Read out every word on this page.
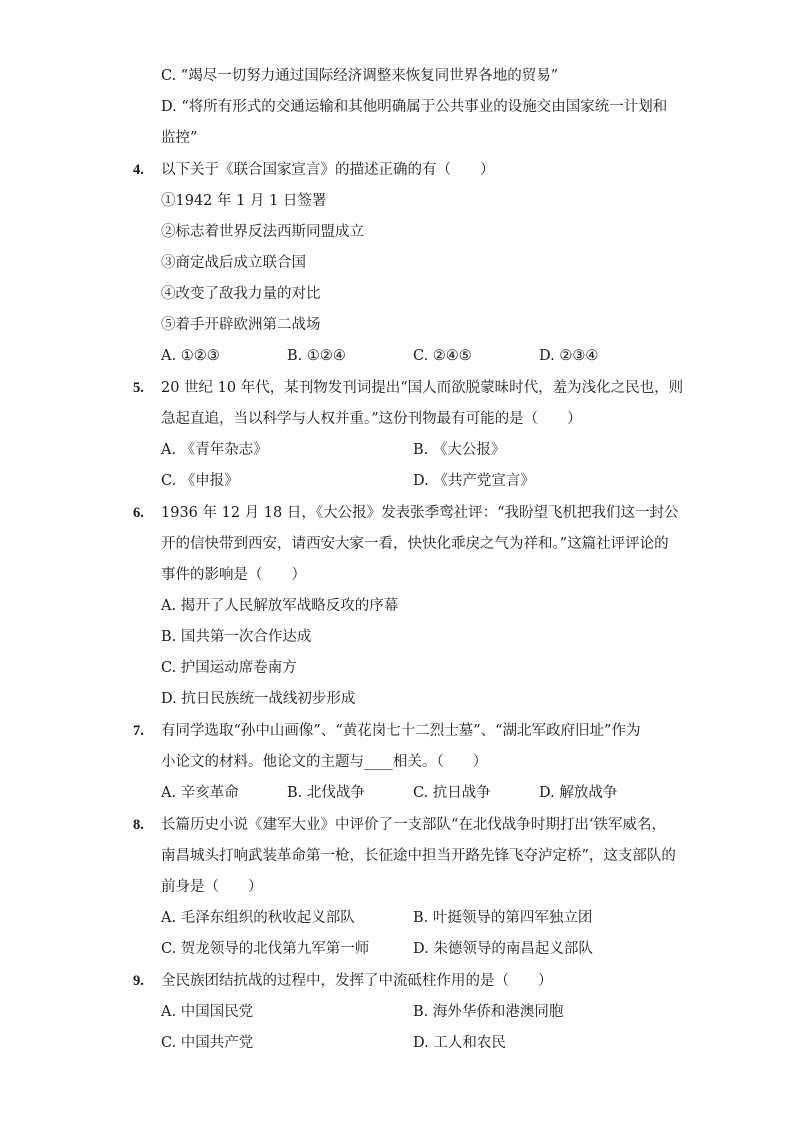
C. “竭尽一切努力通过国际经济调整来恢复同世界各地的贸易”
D. “将所有形式的交通运输和其他明确属于公共事业的设施交由国家统一计划和
监控”
4. 以下关于《联合国家宣言》的描述正确的有（　　）
①1942 年 1 月 1 日签署
②标志着世界反法西斯同盟成立
③商定战后成立联合国
④改变了敌我力量的对比
⑤着手开辟欧洲第二战场
A. ①②③	B. ①②④	C. ②④⑤	D. ②③④
5. 20 世纪 10 年代，某刊物发刊词提出“国人而欲脱蒙昧时代，羞为浅化之民也，则
急起直追，当以科学与人权并重。”这份刊物最有可能的是（　　）
A. 《青年杂志》	B. 《大公报》
C. 《申报》	D. 《共产党宣言》
6. 1936 年 12 月 18 日，《大公报》发表张季鸾社评：“我盼望飞机把我们这一封公
开的信快带到西安，请西安大家一看，快快化乖戾之气为祥和。”这篇社评评论的
事件的影响是（　　）
A. 揭开了人民解放军战略反攻的序幕
B. 国共第一次合作达成
C. 护国运动席卷南方
D. 抗日民族统一战线初步形成
7. 有同学选取“孙中山画像”、“黄花岗七十二烈士墓”、“湖北军政府旧址”作为
小论文的材料。他论文的主题与____相关。（　　）
A. 辛亥革命	B. 北伐战争	C. 抗日战争	D. 解放战争
8. 长篇历史小说《建军大业》中评价了一支部队“在北伐战争时期打出‘铁军威名，
南昌城头打响武装革命第一枪，长征途中担当开路先锋飞夺泸定桥”，这支部队的
前身是（　　）
A. 毛泽东组织的秋收起义部队	B. 叶挺领导的第四军独立团
C. 贺龙领导的北伐第九军第一师	D. 朱德领导的南昌起义部队
9. 全民族团结抗战的过程中，发挥了中流砥柱作用的是（　　）
A. 中国国民党	B. 海外华侨和港澳同胞
C. 中国共产党	D. 工人和农民
